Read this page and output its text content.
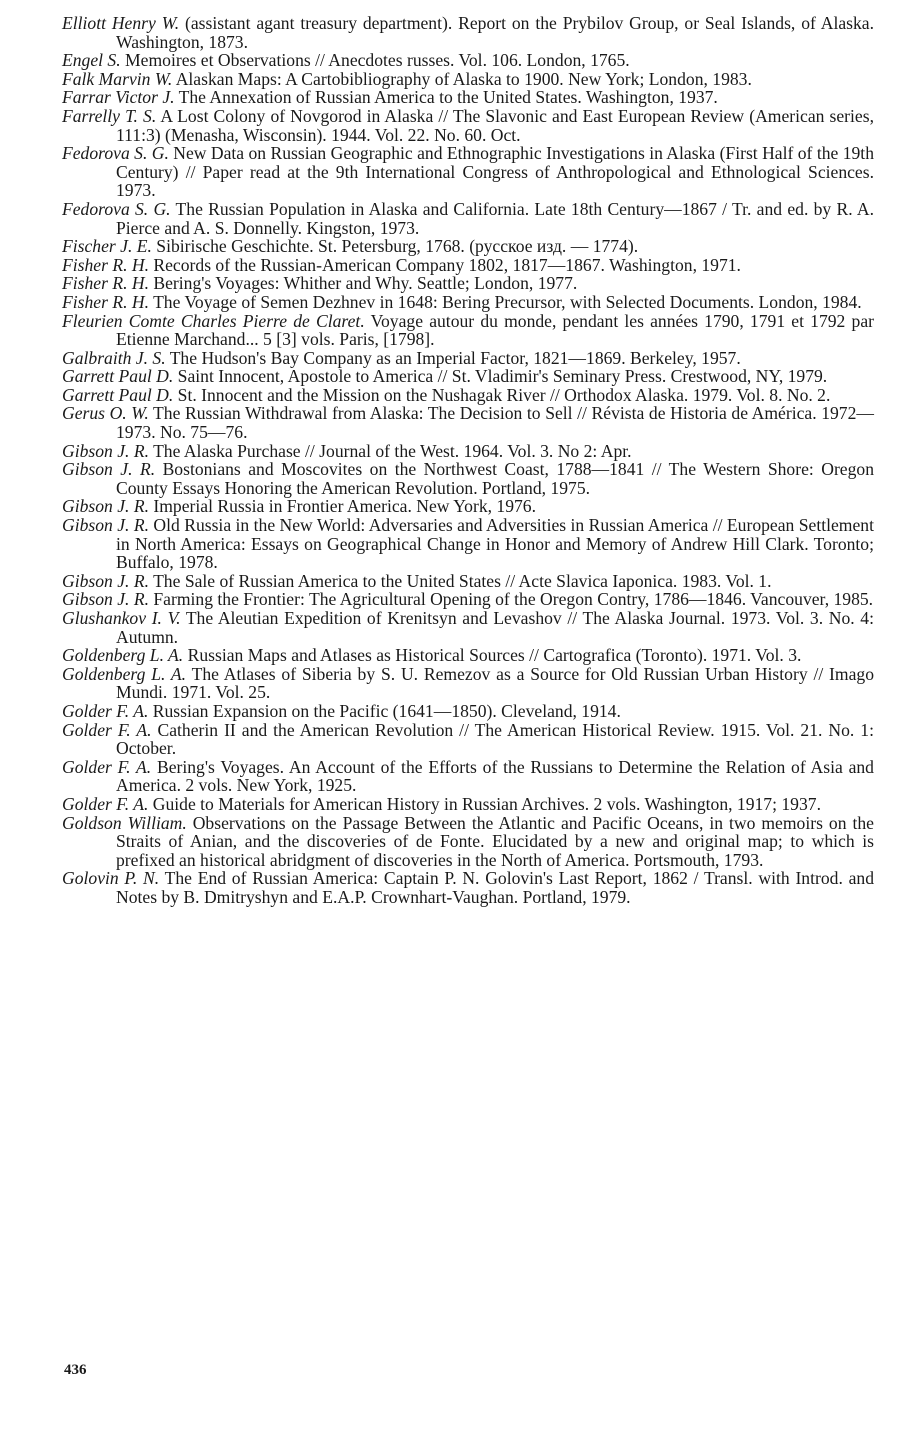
Elliott Henry W. (assistant agant treasury department). Report on the Prybilov Group, or Seal Islands, of Alaska. Washington, 1873.

Engel S. Memoires et Observations // Anecdotes russes. Vol. 106. London, 1765.

Falk Marvin W. Alaskan Maps: A Cartobibliography of Alaska to 1900. New York; London, 1983.

Farrar Victor J. The Annexation of Russian America to the United States. Washington, 1937.

Farrelly T. S. A Lost Colony of Novgorod in Alaska // The Slavonic and East European Review (American series, 111:3) (Menasha, Wisconsin). 1944. Vol. 22. No. 60. Oct.

Fedorova S. G. New Data on Russian Geographic and Ethnographic Investigations in Alaska (First Half of the 19th Century) // Paper read at the 9th International Congress of Anthropological and Ethnological Sciences. 1973.

Fedorova S. G. The Russian Population in Alaska and California. Late 18th Century—1867 / Tr. and ed. by R. A. Pierce and A. S. Donnelly. Kingston, 1973.

Fischer J. E. Sibirische Geschichte. St. Petersburg, 1768. (русское изд. — 1774).

Fisher R. H. Records of the Russian-American Company 1802, 1817—1867. Washington, 1971.

Fisher R. H. Bering's Voyages: Whither and Why. Seattle; London, 1977.

Fisher R. H. The Voyage of Semen Dezhnev in 1648: Bering Precursor, with Selected Documents. London, 1984.

Fleurien Comte Charles Pierre de Claret. Voyage autour du monde, pendant les années 1790, 1791 et 1792 par Etienne Marchand... 5 [3] vols. Paris, [1798].

Galbraith J. S. The Hudson's Bay Company as an Imperial Factor, 1821—1869. Berkeley, 1957.

Garrett Paul D. Saint Innocent, Apostole to America // St. Vladimir's Seminary Press. Crestwood, NY, 1979.

Garrett Paul D. St. Innocent and the Mission on the Nushagak River // Orthodox Alaska. 1979. Vol. 8. No. 2.

Gerus O. W. The Russian Withdrawal from Alaska: The Decision to Sell // Révista de Historia de América. 1972—1973. No. 75—76.

Gibson J. R. The Alaska Purchase // Journal of the West. 1964. Vol. 3. No 2: Apr.

Gibson J. R. Bostonians and Moscovites on the Northwest Coast, 1788—1841 // The Western Shore: Oregon County Essays Honoring the American Revolution. Portland, 1975.

Gibson J. R. Imperial Russia in Frontier America. New York, 1976.

Gibson J. R. Old Russia in the New World: Adversaries and Adversities in Russian America // European Settlement in North America: Essays on Geographical Change in Honor and Memory of Andrew Hill Clark. Toronto; Buffalo, 1978.

Gibson J. R. The Sale of Russian America to the United States // Acte Slavica Iaponica. 1983. Vol. 1.

Gibson J. R. Farming the Frontier: The Agricultural Opening of the Oregon Contry, 1786—1846. Vancouver, 1985.

Glushankov I. V. The Aleutian Expedition of Krenitsyn and Levashov // The Alaska Journal. 1973. Vol. 3. No. 4: Autumn.

Goldenberg L. A. Russian Maps and Atlases as Historical Sources // Cartografica (Toronto). 1971. Vol. 3.

Goldenberg L. A. The Atlases of Siberia by S. U. Remezov as a Source for Old Russian Urban History // Imago Mundi. 1971. Vol. 25.

Golder F. A. Russian Expansion on the Pacific (1641—1850). Cleveland, 1914.

Golder F. A. Catherin II and the American Revolution // The American Historical Review. 1915. Vol. 21. No. 1: October.

Golder F. A. Bering's Voyages. An Account of the Efforts of the Russians to Determine the Relation of Asia and America. 2 vols. New York, 1925.

Golder F. A. Guide to Materials for American History in Russian Archives. 2 vols. Washington, 1917; 1937.

Goldson William. Observations on the Passage Between the Atlantic and Pacific Oceans, in two memoirs on the Straits of Anian, and the discoveries of de Fonte. Elucidated by a new and original map; to which is prefixed an historical abridgment of discoveries in the North of America. Portsmouth, 1793.

Golovin P. N. The End of Russian America: Captain P. N. Golovin's Last Report, 1862 / Transl. with Introd. and Notes by B. Dmitryshyn and E.A.P. Crownhart-Vaughan. Portland, 1979.

436
